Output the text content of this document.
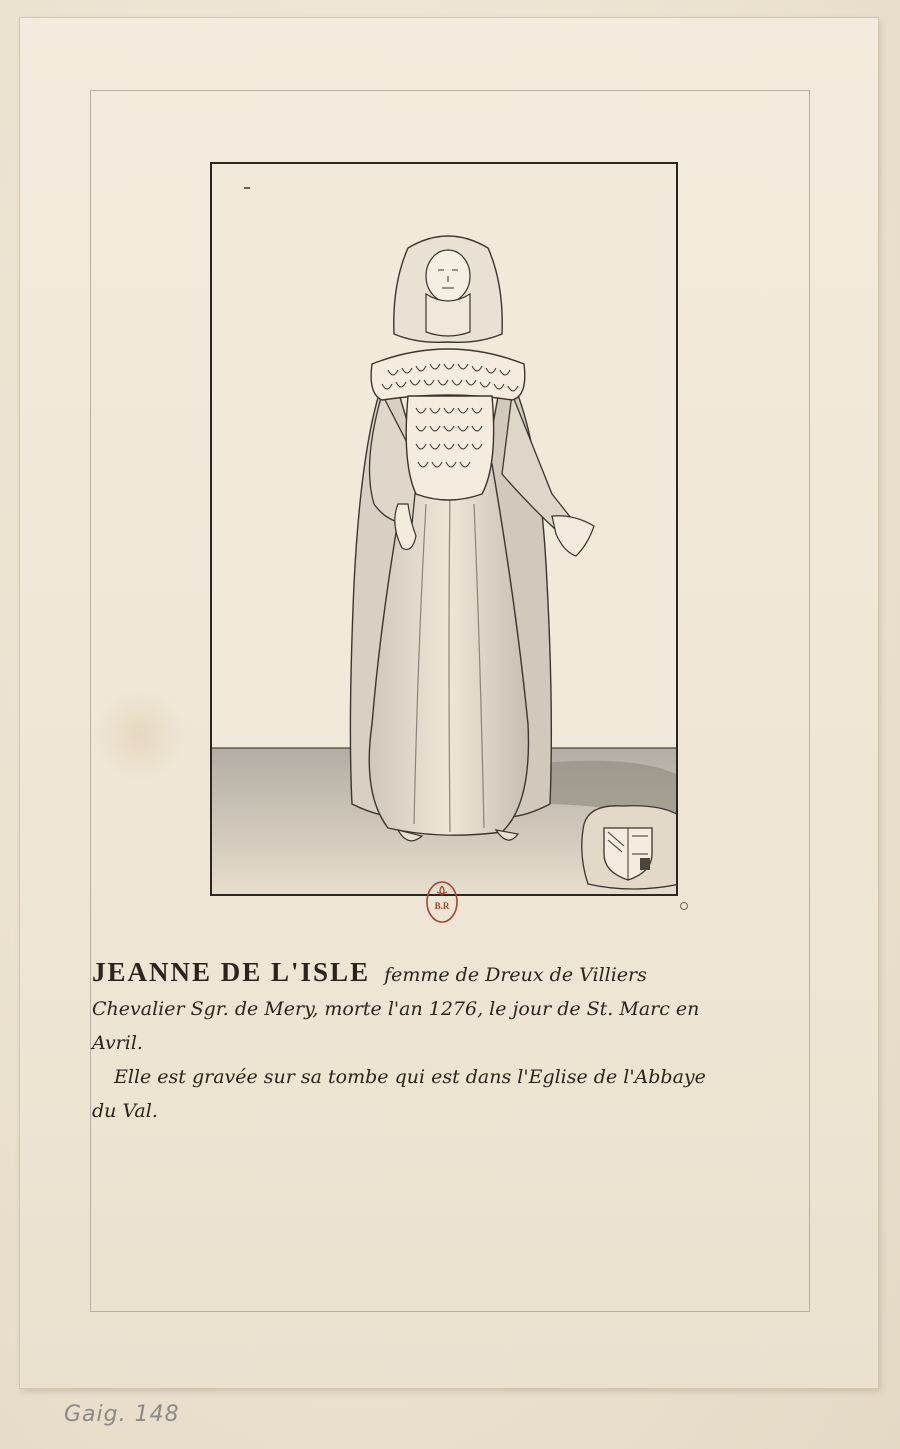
B.R
JEANNE DE L'ISLE femme de Dreux de Villiers
Chevalier Sgr. de Mery, morte l'an 1276, le jour de St. Marc en
Avril.
Elle est gravée sur sa tombe qui est dans l'Eglise de l'Abbaye
du Val.
Gaig. 148
